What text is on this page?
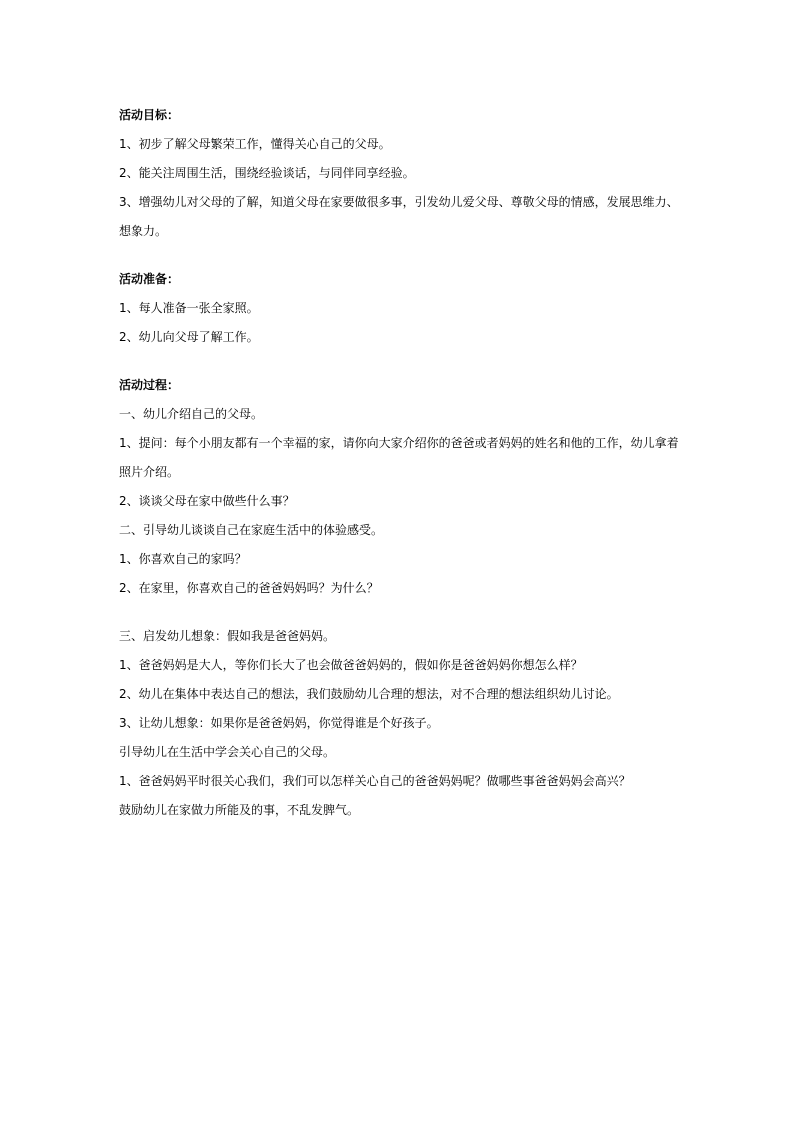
活动目标：
1、初步了解父母繁荣工作，懂得关心自己的父母。
2、能关注周围生活，围绕经验谈话，与同伴同享经验。
3、增强幼儿对父母的了解，知道父母在家要做很多事，引发幼儿爱父母、尊敬父母的情感，发展思维力、想象力。
活动准备：
1、每人准备一张全家照。
2、幼儿向父母了解工作。
活动过程：
一、幼儿介绍自己的父母。
1、提问：每个小朋友都有一个幸福的家，请你向大家介绍你的爸爸或者妈妈的姓名和他的工作，幼儿拿着照片介绍。
2、谈谈父母在家中做些什么事？
二、引导幼儿谈谈自己在家庭生活中的体验感受。
1、你喜欢自己的家吗？
2、在家里，你喜欢自己的爸爸妈妈吗？为什么？
三、启发幼儿想象：假如我是爸爸妈妈。
1、爸爸妈妈是大人，等你们长大了也会做爸爸妈妈的，假如你是爸爸妈妈你想怎么样？
2、幼儿在集体中表达自己的想法，我们鼓励幼儿合理的想法，对不合理的想法组织幼儿讨论。
3、让幼儿想象：如果你是爸爸妈妈，你觉得谁是个好孩子。
引导幼儿在生活中学会关心自己的父母。
1、爸爸妈妈平时很关心我们，我们可以怎样关心自己的爸爸妈妈呢？做哪些事爸爸妈妈会高兴？
鼓励幼儿在家做力所能及的事，不乱发脾气。
